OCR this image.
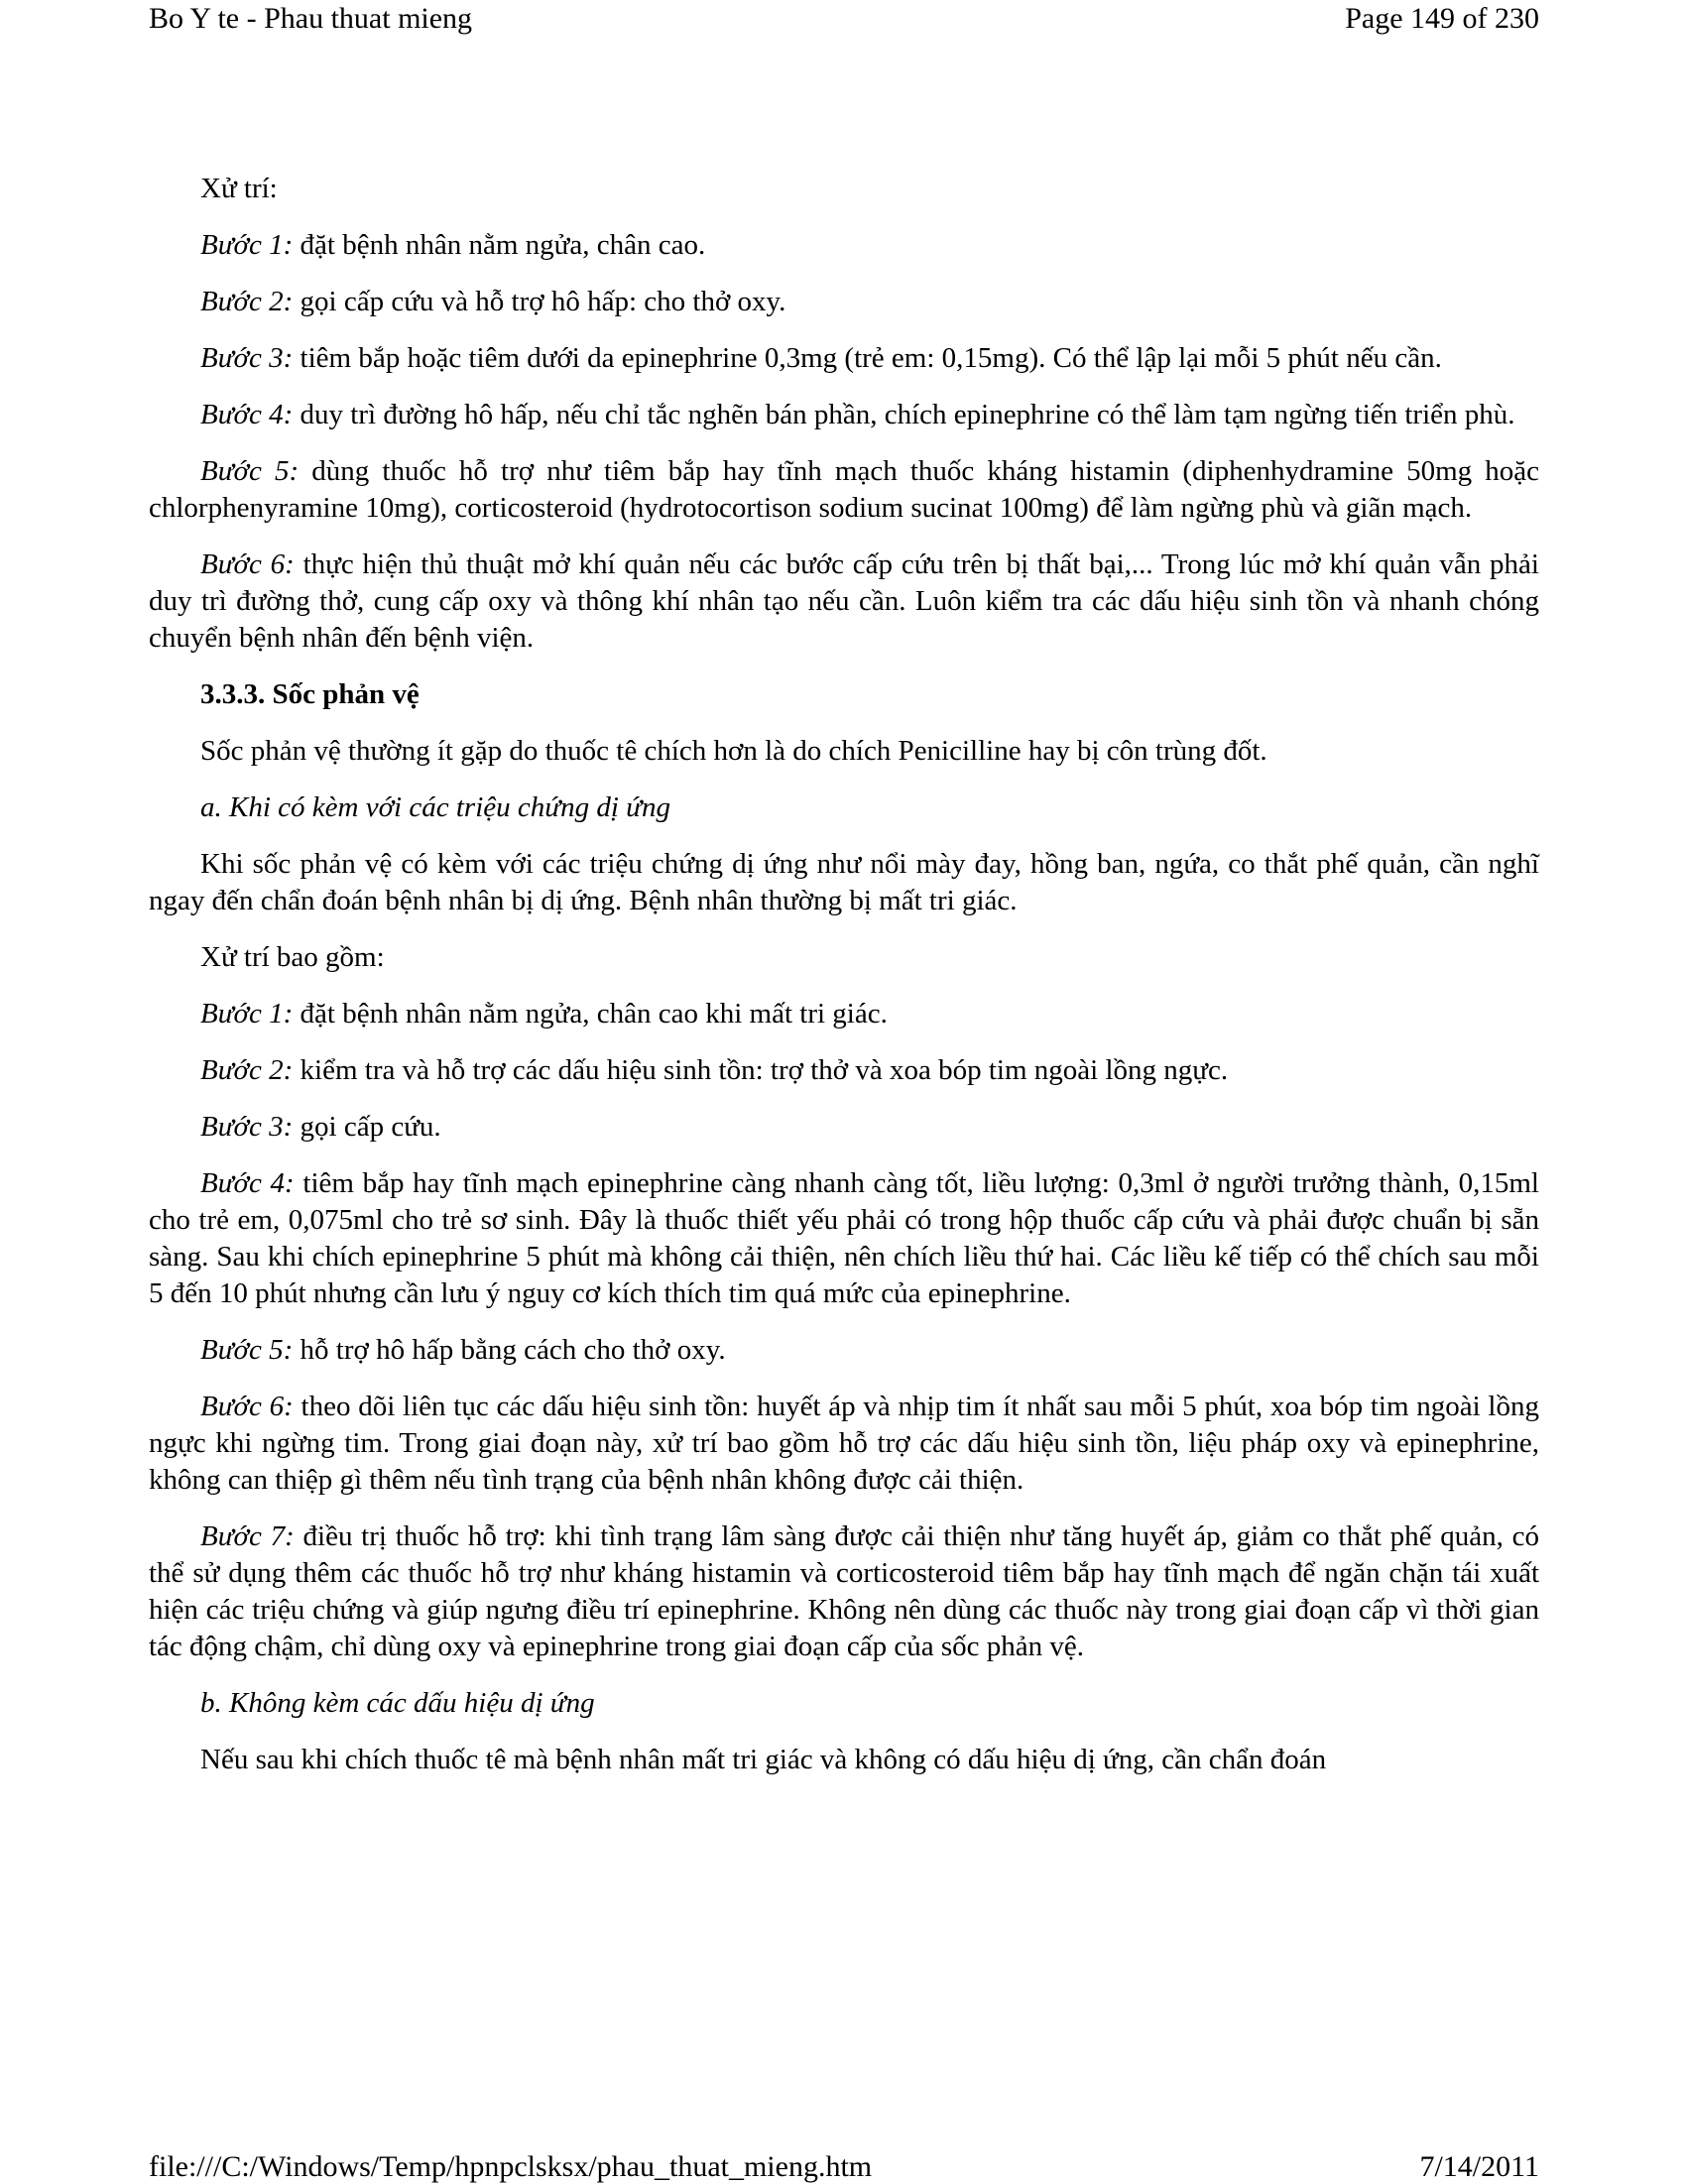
Bo Y te - Phau thuat mieng	Page 149 of 230

Xử trí:

Bước 1: đặt bệnh nhân nằm ngửa, chân cao.

Bước 2: gọi cấp cứu và hỗ trợ hô hấp: cho thở oxy.

Bước 3: tiêm bắp hoặc tiêm dưới da epinephrine 0,3mg (trẻ em: 0,15mg). Có thể lập lại mỗi 5 phút nếu cần.

Bước 4: duy trì đường hô hấp, nếu chỉ tắc nghẽn bán phần, chích epinephrine có thể làm tạm ngừng tiến triển phù.

Bước 5: dùng thuốc hỗ trợ như tiêm bắp hay tĩnh mạch thuốc kháng histamin (diphenhydramine 50mg hoặc chlorphenyramine 10mg), corticosteroid (hydrotocortison sodium sucinat 100mg) để làm ngừng phù và giãn mạch.

Bước 6: thực hiện thủ thuật mở khí quản nếu các bước cấp cứu trên bị thất bại,... Trong lúc mở khí quản vẫn phải duy trì đường thở, cung cấp oxy và thông khí nhân tạo nếu cần. Luôn kiểm tra các dấu hiệu sinh tồn và nhanh chóng chuyển bệnh nhân đến bệnh viện.

3.3.3. Sốc phản vệ

Sốc phản vệ thường ít gặp do thuốc tê chích hơn là do chích Penicilline hay bị côn trùng đốt.

a. Khi có kèm với các triệu chứng dị ứng

Khi sốc phản vệ có kèm với các triệu chứng dị ứng như nổi mày đay, hồng ban, ngứa, co thắt phế quản, cần nghĩ ngay đến chẩn đoán bệnh nhân bị dị ứng. Bệnh nhân thường bị mất tri giác.

Xử trí bao gồm:

Bước 1: đặt bệnh nhân nằm ngửa, chân cao khi mất tri giác.

Bước 2: kiểm tra và hỗ trợ các dấu hiệu sinh tồn: trợ thở và xoa bóp tim ngoài lồng ngực.

Bước 3: gọi cấp cứu.

Bước 4: tiêm bắp hay tĩnh mạch epinephrine càng nhanh càng tốt, liều lượng: 0,3ml ở người trưởng thành, 0,15ml cho trẻ em, 0,075ml cho trẻ sơ sinh. Đây là thuốc thiết yếu phải có trong hộp thuốc cấp cứu và phải được chuẩn bị sẵn sàng. Sau khi chích epinephrine 5 phút mà không cải thiện, nên chích liều thứ hai. Các liều kế tiếp có thể chích sau mỗi 5 đến 10 phút nhưng cần lưu ý nguy cơ kích thích tim quá mức của epinephrine.

Bước 5: hỗ trợ hô hấp bằng cách cho thở oxy.

Bước 6: theo dõi liên tục các dấu hiệu sinh tồn: huyết áp và nhịp tim ít nhất sau mỗi 5 phút, xoa bóp tim ngoài lồng ngực khi ngừng tim. Trong giai đoạn này, xử trí bao gồm hỗ trợ các dấu hiệu sinh tồn, liệu pháp oxy và epinephrine, không can thiệp gì thêm nếu tình trạng của bệnh nhân không được cải thiện.

Bước 7: điều trị thuốc hỗ trợ: khi tình trạng lâm sàng được cải thiện như tăng huyết áp, giảm co thắt phế quản, có thể sử dụng thêm các thuốc hỗ trợ như kháng histamin và corticosteroid tiêm bắp hay tĩnh mạch để ngăn chặn tái xuất hiện các triệu chứng và giúp ngưng điều trí epinephrine. Không nên dùng các thuốc này trong giai đoạn cấp vì thời gian tác động chậm, chỉ dùng oxy và epinephrine trong giai đoạn cấp của sốc phản vệ.

b. Không kèm các dấu hiệu dị ứng

Nếu sau khi chích thuốc tê mà bệnh nhân mất tri giác và không có dấu hiệu dị ứng, cần chẩn đoán

file:///C:/Windows/Temp/hpnpclsksx/phau_thuat_mieng.htm	7/14/2011
